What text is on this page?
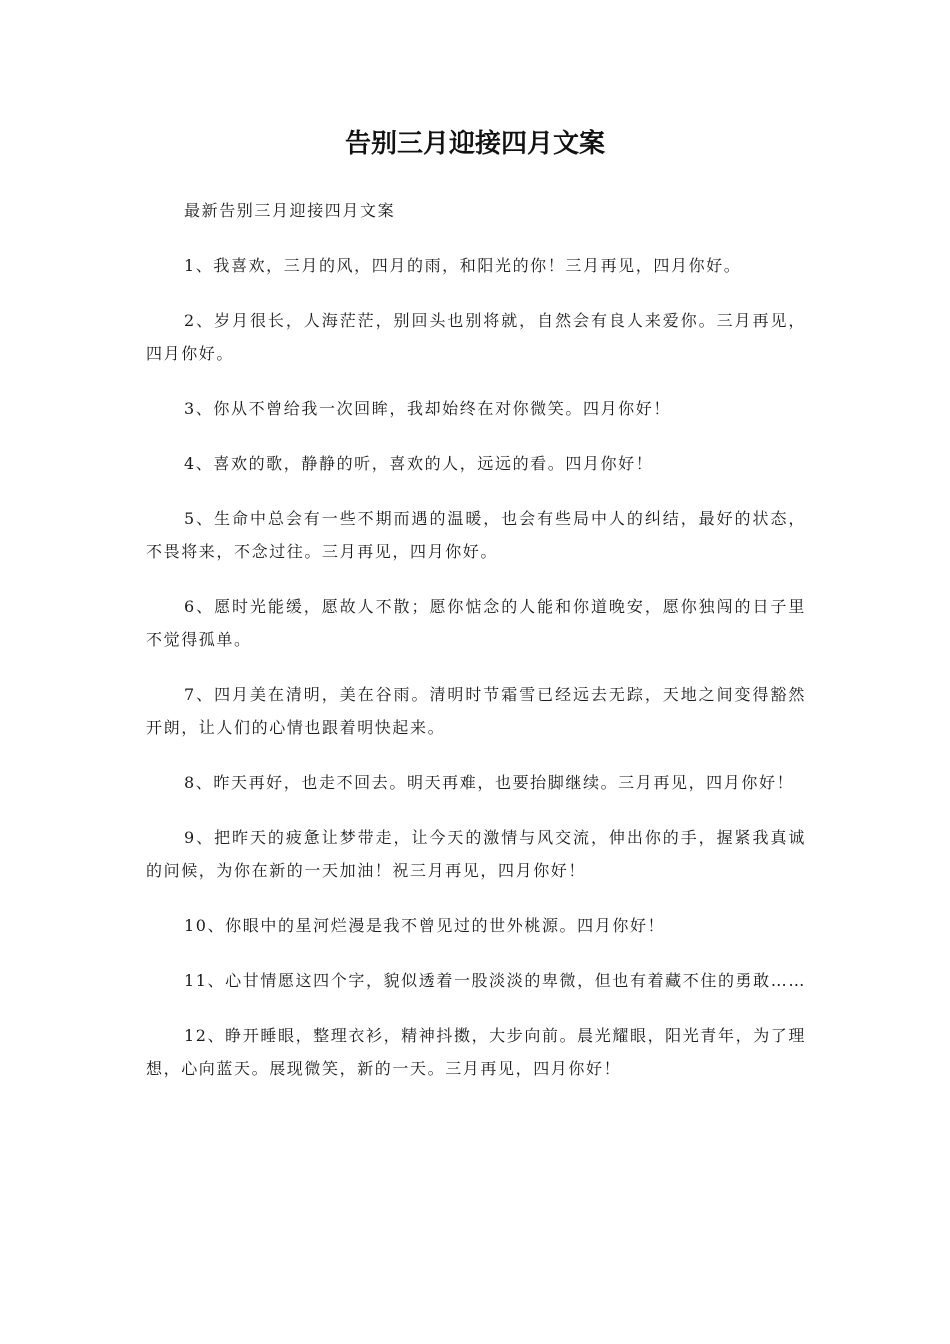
告别三月迎接四月文案

最新告别三月迎接四月文案

1、我喜欢，三月的风，四月的雨，和阳光的你！三月再见，四月你好。

2、岁月很长，人海茫茫，别回头也别将就，自然会有良人来爱你。三月再见，四月你好。

3、你从不曾给我一次回眸，我却始终在对你微笑。四月你好！

4、喜欢的歌，静静的听，喜欢的人，远远的看。四月你好！

5、生命中总会有一些不期而遇的温暖，也会有些局中人的纠结，最好的状态，不畏将来，不念过往。三月再见，四月你好。

6、愿时光能缓，愿故人不散；愿你惦念的人能和你道晚安，愿你独闯的日子里不觉得孤单。

7、四月美在清明，美在谷雨。清明时节霜雪已经远去无踪，天地之间变得豁然开朗，让人们的心情也跟着明快起来。

8、昨天再好，也走不回去。明天再难，也要抬脚继续。三月再见，四月你好！

9、把昨天的疲惫让梦带走，让今天的激情与风交流，伸出你的手，握紧我真诚的问候，为你在新的一天加油！祝三月再见，四月你好！

10、你眼中的星河烂漫是我不曾见过的世外桃源。四月你好！

11、心甘情愿这四个字，貌似透着一股淡淡的卑微，但也有着藏不住的勇敢……

12、睁开睡眼，整理衣衫，精神抖擞，大步向前。晨光耀眼，阳光青年，为了理想，心向蓝天。展现微笑，新的一天。三月再见，四月你好！
